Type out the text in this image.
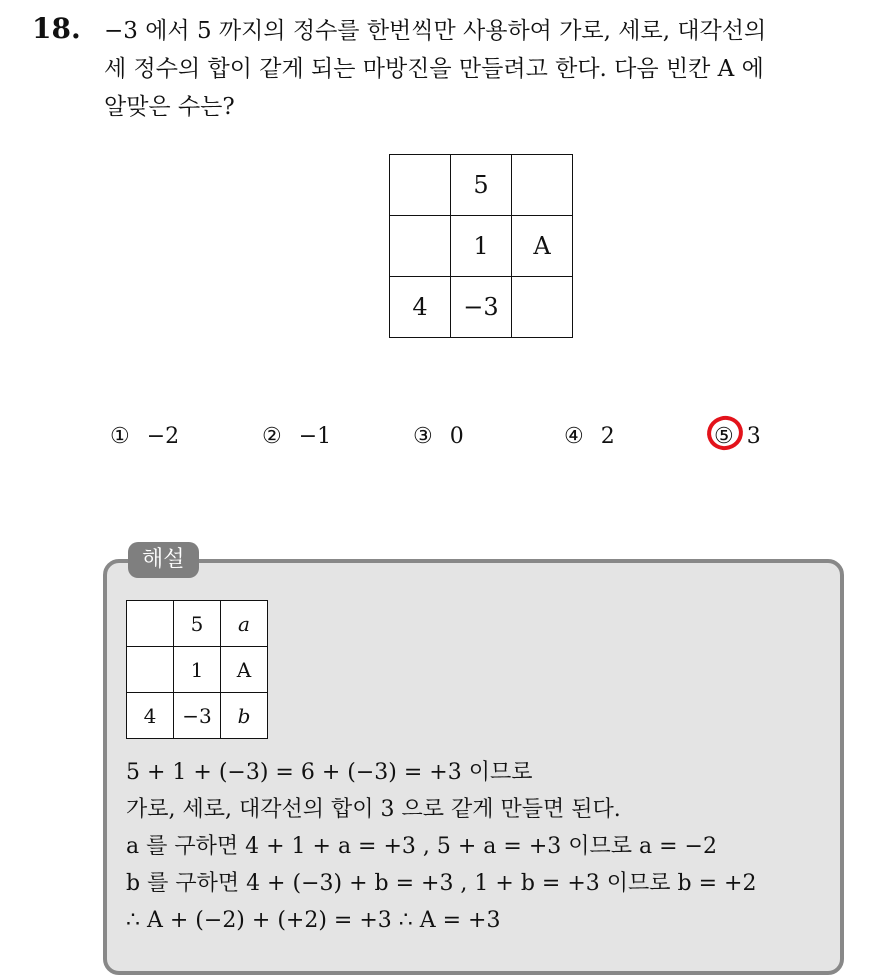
18. −3 에서 5 까지의 정수를 한번씩만 사용하여 가로, 세로, 대각선의
세 정수의 합이 같게 되는 마방진을 만들려고 한다. 다음 빈칸 A 에
알맞은 수는?
	5	
	1	A
4	−3	
① −2	② −1	③ 0	④ 2	⑤ 3
해설
	5	a
	1	A
4	−3	b
5 + 1 + (−3) = 6 + (−3) = +3 이므로
가로, 세로, 대각선의 합이 3 으로 같게 만들면 된다.
a 를 구하면 4 + 1 + a = +3 , 5 + a = +3 이므로 a = −2
b 를 구하면 4 + (−3) + b = +3 , 1 + b = +3 이므로 b = +2
∴ A + (−2) + (+2) = +3 ∴ A = +3
